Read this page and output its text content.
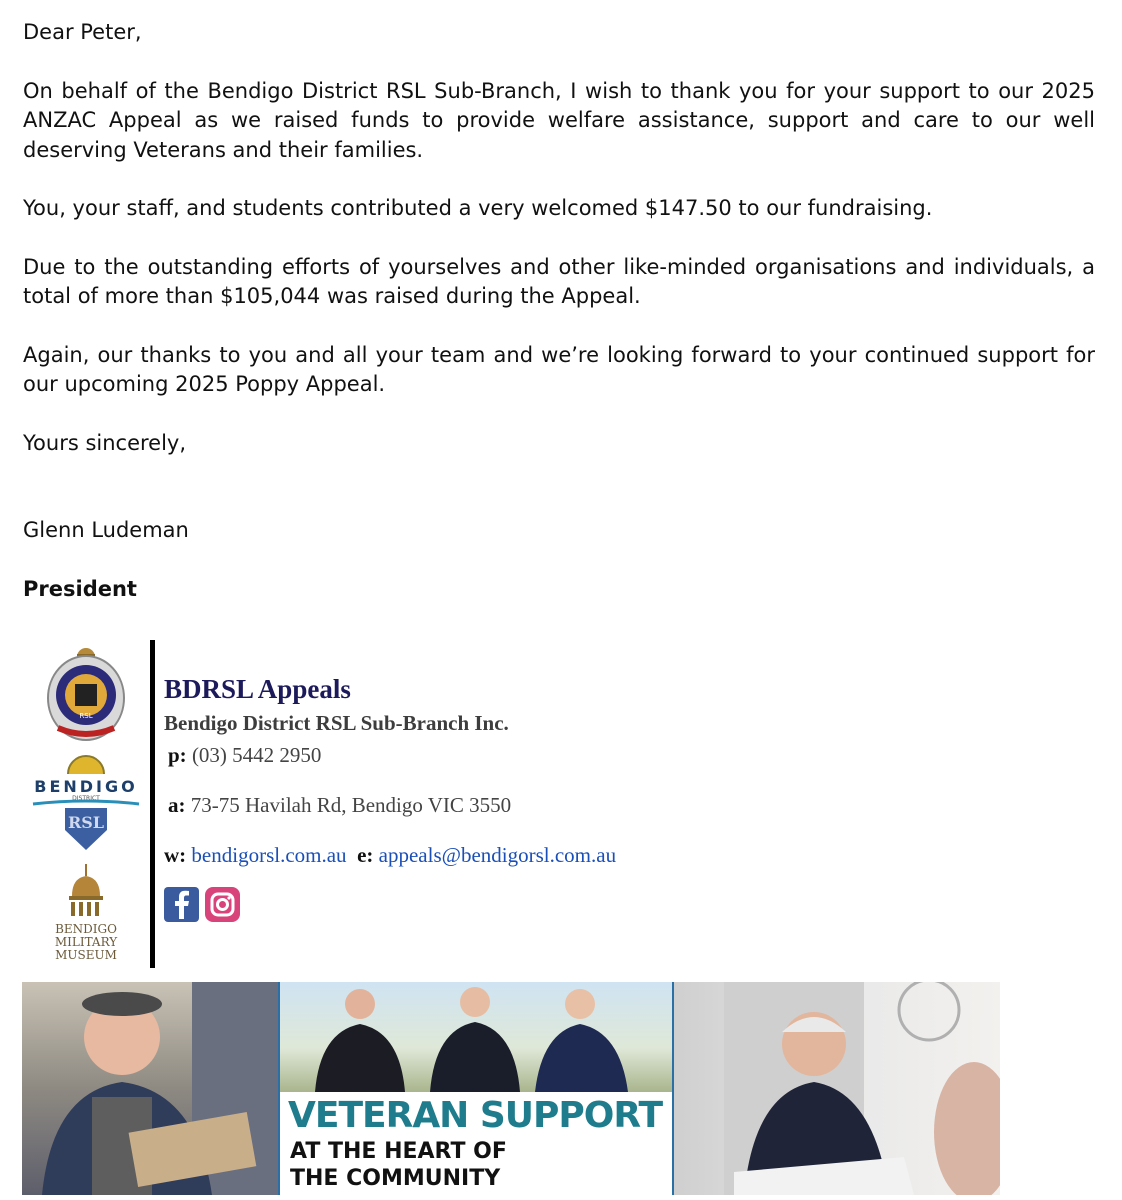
Dear Peter,

On behalf of the Bendigo District RSL Sub-Branch, I wish to thank you for your support to our 2025 ANZAC Appeal as we raised funds to provide welfare assistance, support and care to our well deserving Veterans and their families.

You, your staff, and students contributed a very welcomed $147.50 to our fundraising.

Due to the outstanding efforts of yourselves and other like-minded organisations and individuals, a total of more than $105,044 was raised during the Appeal.

Again, our thanks to you and all your team and we’re looking forward to your continued support for our upcoming 2025 Poppy Appeal.

Yours sincerely,

Glenn Ludeman

President

RSL
BENDIGO
DISTRICT
RSL
BENDIGO
MILITARY
MUSEUM
BDRSL Appeals
Bendigo District RSL Sub-Branch Inc.
p: (03) 5442 2950
a: 73-75 Havilah Rd, Bendigo VIC 3550
w: bendigorsl.com.au e: appeals@bendigorsl.com.au
VETERAN SUPPORT
AT THE HEART OF
THE COMMUNITY
